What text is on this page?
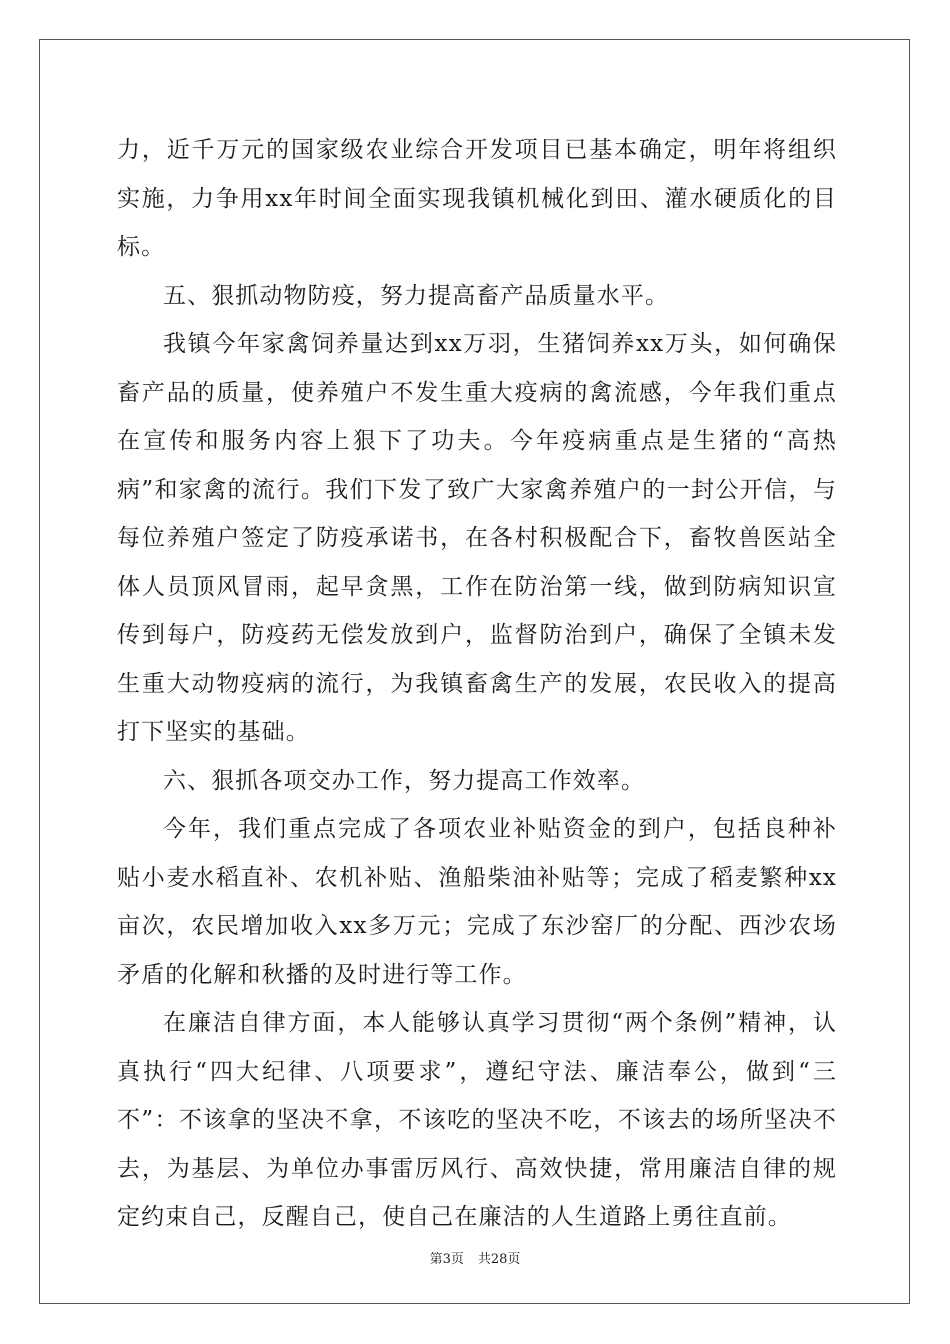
力，近千万元的国家级农业综合开发项目已基本确定，明年将组织实施，力争用xx年时间全面实现我镇机械化到田、灌水硬质化的目标。

五、狠抓动物防疫，努力提高畜产品质量水平。

我镇今年家禽饲养量达到xx万羽，生猪饲养xx万头，如何确保畜产品的质量，使养殖户不发生重大疫病的禽流感，今年我们重点在宣传和服务内容上狠下了功夫。今年疫病重点是生猪的“高热病”和家禽的流行。我们下发了致广大家禽养殖户的一封公开信，与每位养殖户签定了防疫承诺书，在各村积极配合下，畜牧兽医站全体人员顶风冒雨，起早贪黑，工作在防治第一线，做到防病知识宣传到每户，防疫药无偿发放到户，监督防治到户，确保了全镇未发生重大动物疫病的流行，为我镇畜禽生产的发展，农民收入的提高打下坚实的基础。

六、狠抓各项交办工作，努力提高工作效率。

今年，我们重点完成了各项农业补贴资金的到户，包括良种补贴小麦水稻直补、农机补贴、渔船柴油补贴等；完成了稻麦繁种xx亩次，农民增加收入xx多万元；完成了东沙窑厂的分配、西沙农场矛盾的化解和秋播的及时进行等工作。

在廉洁自律方面，本人能够认真学习贯彻“两个条例”精神，认真执行“四大纪律、八项要求”，遵纪守法、廉洁奉公，做到“三不”：不该拿的坚决不拿，不该吃的坚决不吃，不该去的场所坚决不去，为基层、为单位办事雷厉风行、高效快捷，常用廉洁自律的规定约束自己，反醒自己，使自己在廉洁的人生道路上勇往直前。

第3页 共28页
